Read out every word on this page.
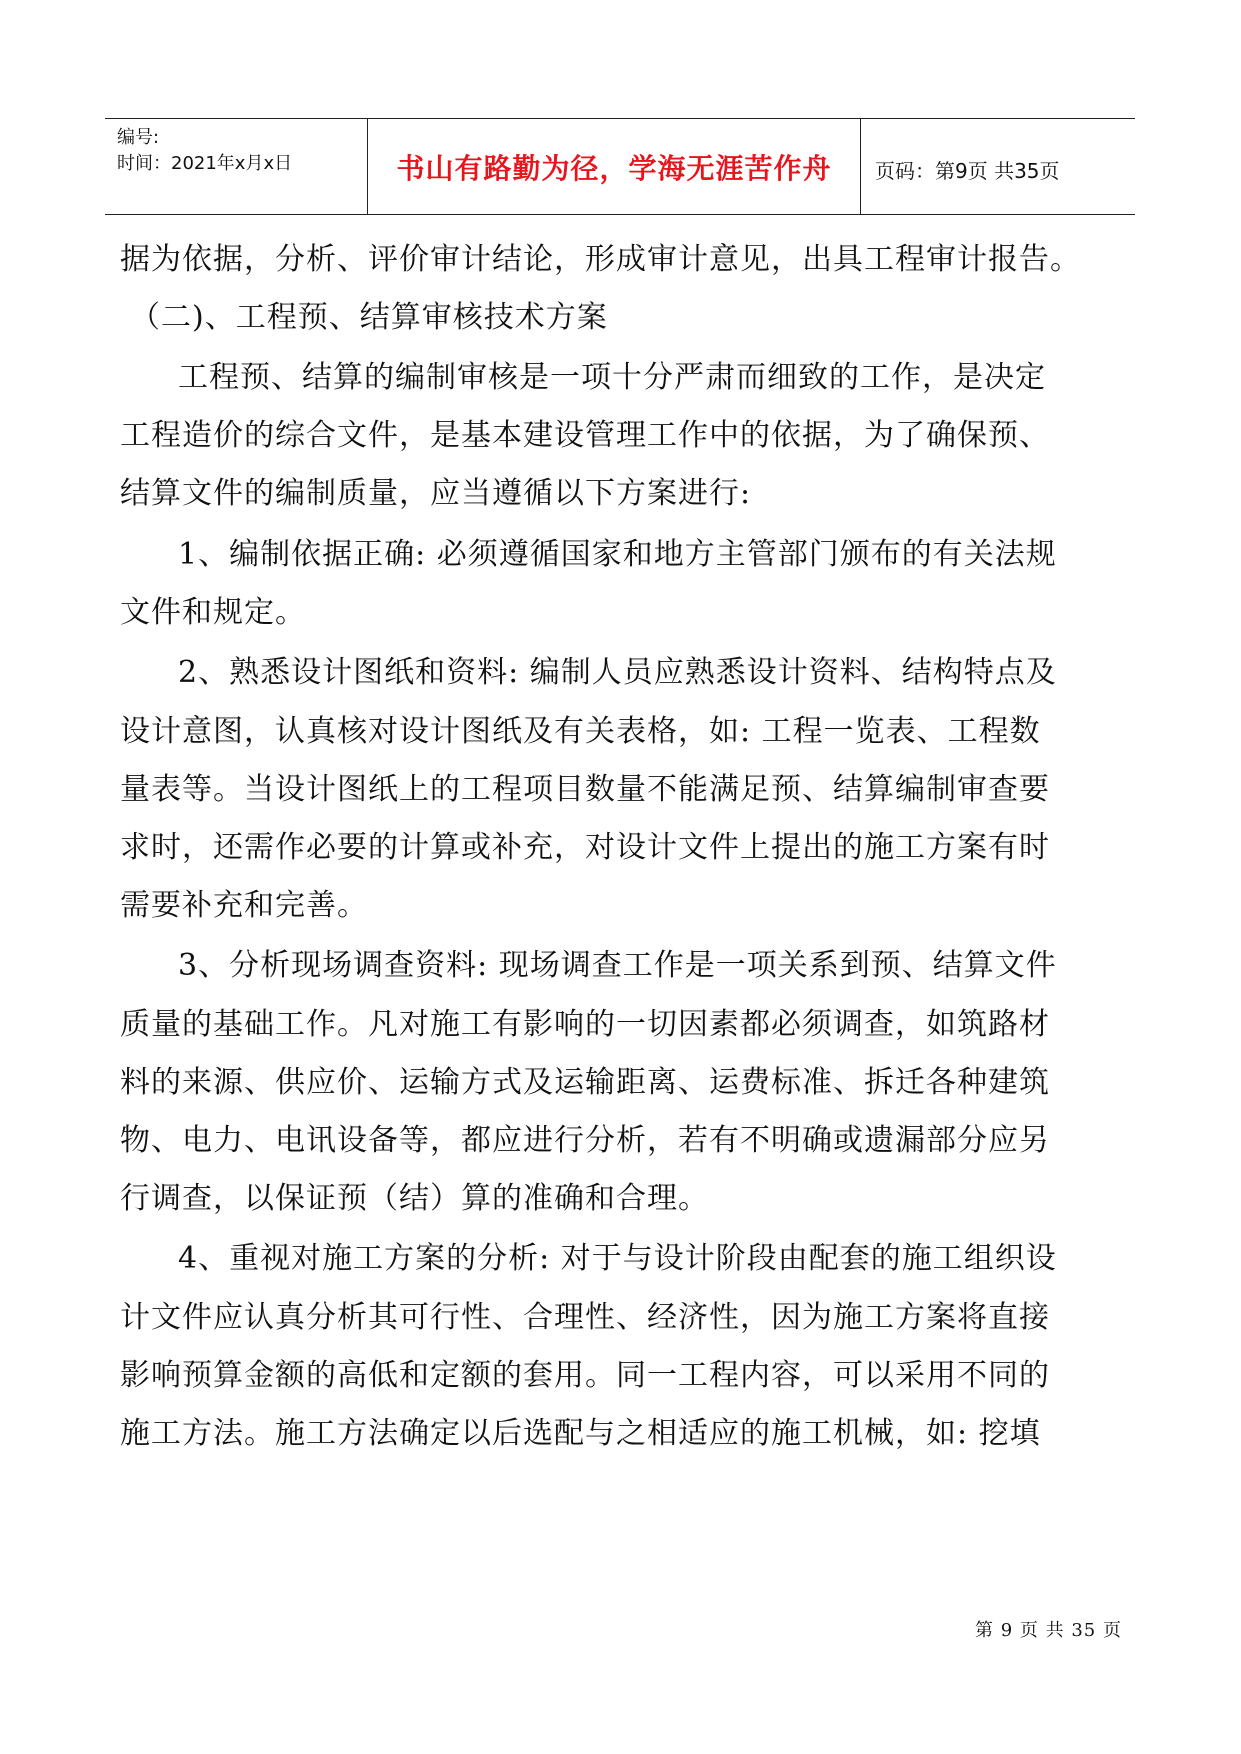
编号:
时间：2021年x月x日	书山有路勤为径，学海无涯苦作舟	页码：第9页 共35页
据为依据，分析、评价审计结论，形成审计意见，出具工程审计报告。
（二)、工程预、结算审核技术方案
工程预、结算的编制审核是一项十分严肃而细致的工作，是决定
工程造价的综合文件，是基本建设管理工作中的依据，为了确保预、
结算文件的编制质量，应当遵循以下方案进行:
1、编制依据正确: 必须遵循国家和地方主管部门颁布的有关法规
文件和规定。
2、熟悉设计图纸和资料: 编制人员应熟悉设计资料、结构特点及
设计意图，认真核对设计图纸及有关表格，如: 工程一览表、工程数
量表等。当设计图纸上的工程项目数量不能满足预、结算编制审查要
求时，还需作必要的计算或补充，对设计文件上提出的施工方案有时
需要补充和完善。
3、分析现场调查资料: 现场调查工作是一项关系到预、结算文件
质量的基础工作。凡对施工有影响的一切因素都必须调查，如筑路材
料的来源、供应价、运输方式及运输距离、运费标准、拆迁各种建筑
物、电力、电讯设备等，都应进行分析，若有不明确或遗漏部分应另
行调查，以保证预（结）算的准确和合理。
4、重视对施工方案的分析: 对于与设计阶段由配套的施工组织设
计文件应认真分析其可行性、合理性、经济性，因为施工方案将直接
影响预算金额的高低和定额的套用。同一工程内容，可以采用不同的
施工方法。施工方法确定以后选配与之相适应的施工机械，如: 挖填
第 9 页 共 35 页
